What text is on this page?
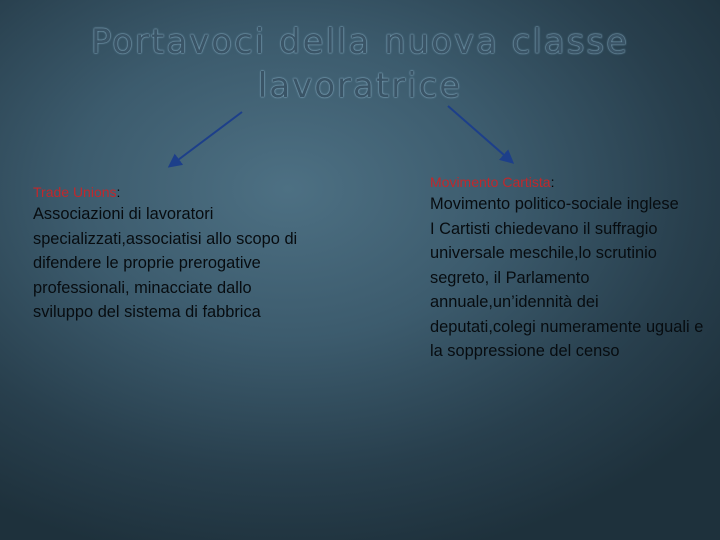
Portavoci della nuova classe
lavoratrice
Trade Unions:
Associazioni di lavoratori specializzati,associatisi allo scopo di difendere le proprie prerogative professionali, minacciate dallo sviluppo del sistema di fabbrica
Movimento Cartista:
Movimento politico-sociale inglese
I Cartisti chiedevano il suffragio universale meschile,lo scrutinio segreto, il Parlamento annuale,un’idennità dei deputati,colegi numeramente uguali e la soppressione del censo
